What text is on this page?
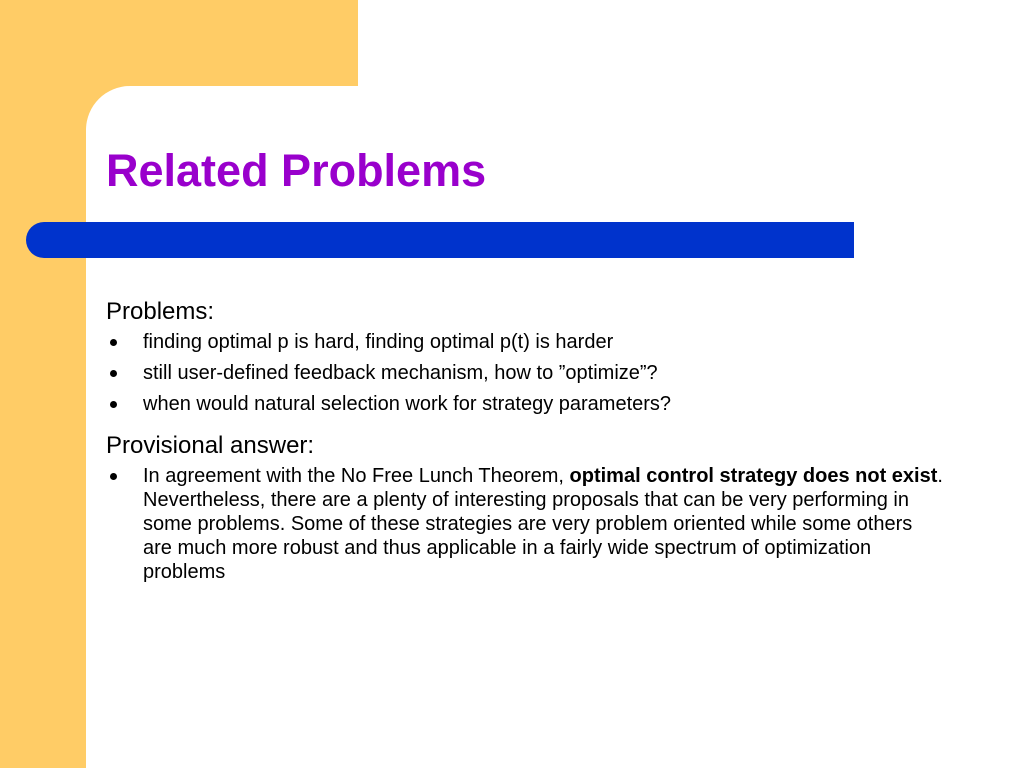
Related Problems

Problems:

finding optimal p is hard, finding optimal p(t) is harder
still user-defined feedback mechanism, how to ”optimize”?
when would natural selection work for strategy parameters?

Provisional answer:

In agreement with the No Free Lunch Theorem, optimal control strategy does not exist. Nevertheless, there are a plenty of interesting proposals that can be very performing in some problems. Some of these strategies are very problem oriented while some others are much more robust and thus applicable in a fairly wide spectrum of optimization problems
